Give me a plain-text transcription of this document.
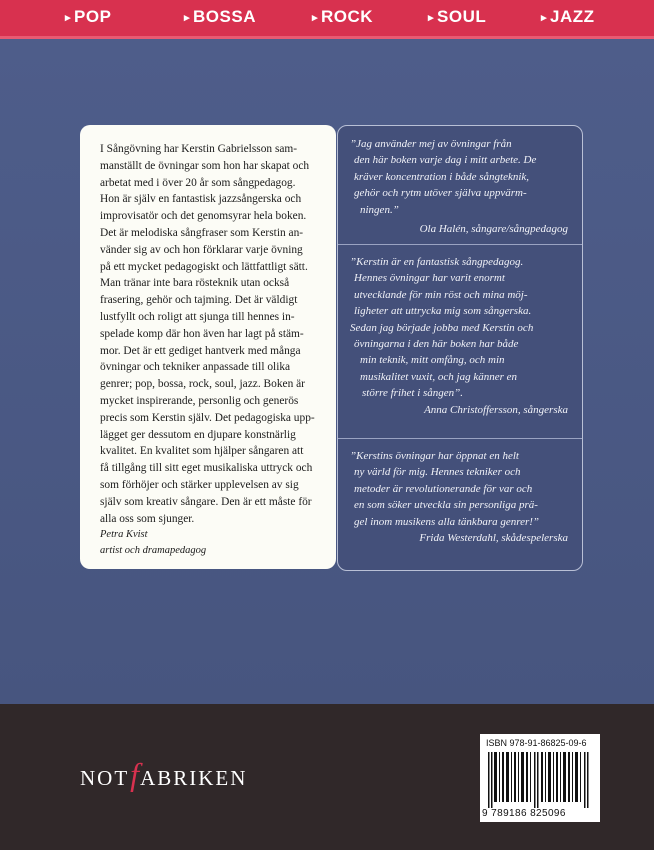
▸ POP	▸ BOSSA	▸ ROCK	▸ SOUL	▸ JAZZ
I Sångövning har Kerstin Gabrielsson sam-
manställt de övningar som hon har skapat och
arbetat med i över 20 år som sångpedagog.
Hon är själv en fantastisk jazzsångerska och
improvisatör och det genomsyrar hela boken.
Det är melodiska sångfraser som Kerstin an-
vänder sig av och hon förklarar varje övning
på ett mycket pedagogiskt och lättfattligt sätt.
Man tränar inte bara rösteknik utan också
frasering, gehör och tajming. Det är väldigt
lustfyllt och roligt att sjunga till hennes in-
spelade komp där hon även har lagt på stäm-
mor. Det är ett gediget hantverk med många
övningar och tekniker anpassade till olika
genrer; pop, bossa, rock, soul, jazz. Boken är
mycket inspirerande, personlig och generös
precis som Kerstin själv. Det pedagogiska upp-
lägget ger dessutom en djupare konstnärlig
kvalitet. En kvalitet som hjälper sångaren att
få tillgång till sitt eget musikaliska uttryck och
som förhöjer och stärker upplevelsen av sig
själv som kreativ sångare. Den är ett måste för
alla oss som sjunger.
Petra Kvist
artist och dramapedagog
”Jag använder mej av övningar från
den här boken varje dag i mitt arbete. De
kräver koncentration i både sångteknik,
gehör och rytm utöver själva uppvärm-
ningen.”
Ola Halén, sångare/sångpedagog
”Kerstin är en fantastisk sångpedagog.
Hennes övningar har varit enormt
utvecklande för min röst och mina möj-
ligheter att uttrycka mig som sångerska.
Sedan jag började jobba med Kerstin och
övningarna i den här boken har både
min teknik, mitt omfång, och min
musikalitet vuxit, och jag känner en
större frihet i sången”.
Anna Christoffersson, sångerska
”Kerstins övningar har öppnat en helt
ny värld för mig. Hennes tekniker och
metoder är revolutionerande för var och
en som söker utveckla sin personliga prä-
gel inom musikens alla tänkbara genrer!”
Frida Westerdahl, skådespelerska
NOT f ABRIKEN
ISBN 978-91-86825-09-6
9 789186 825096
